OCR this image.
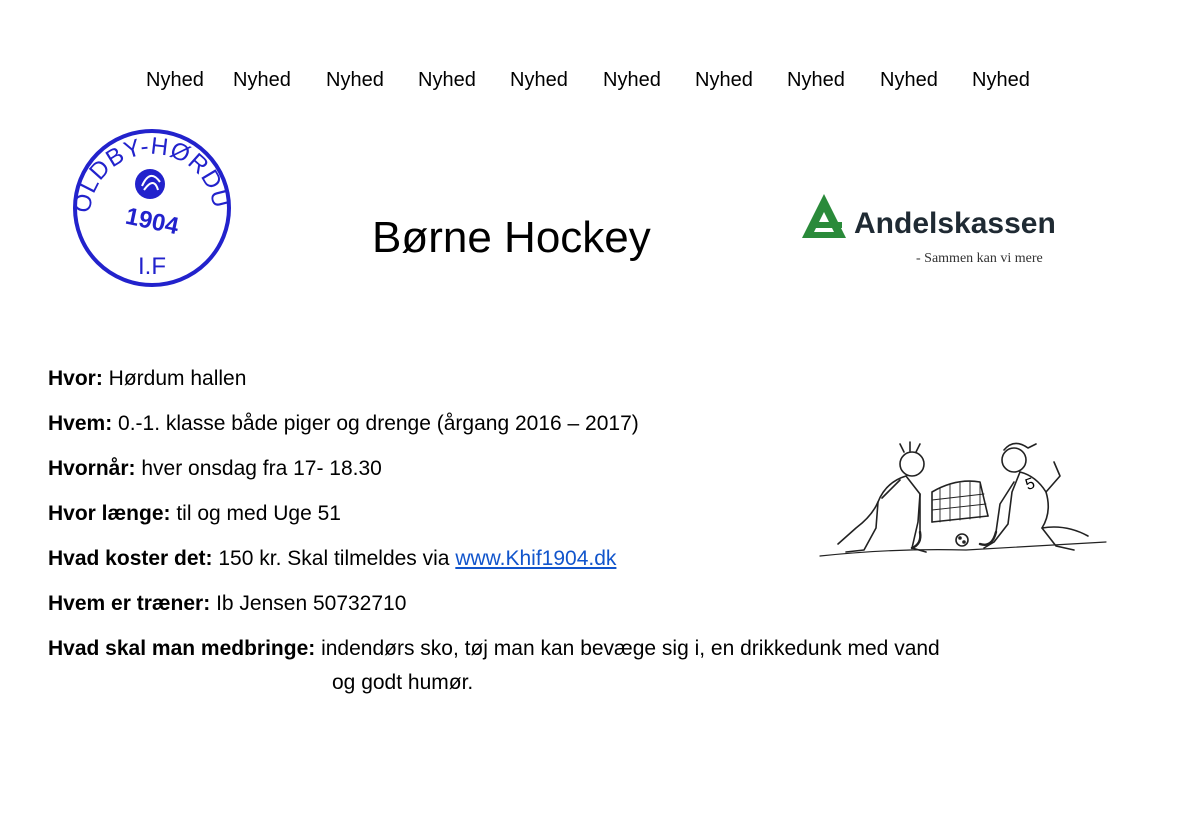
Nyhed Nyhed Nyhed Nyhed Nyhed Nyhed Nyhed Nyhed Nyhed Nyhed
OLDBY-HØRDU
1904
I.F
Børne Hockey	Andelskassen
- Sammen kan vi mere
Hvor: Hørdum hallen
Hvem: 0.-1. klasse både piger og drenge (årgang 2016 – 2017)
Hvornår: hver onsdag fra 17- 18.30
Hvor længe: til og med Uge 51
Hvad koster det: 150 kr. Skal tilmeldes via www.Khif1904.dk
Hvem er træner: Ib Jensen 50732710
Hvad skal man medbringe: indendørs sko, tøj man kan bevæge sig i, en drikkedunk med vand
og godt humør.
5
